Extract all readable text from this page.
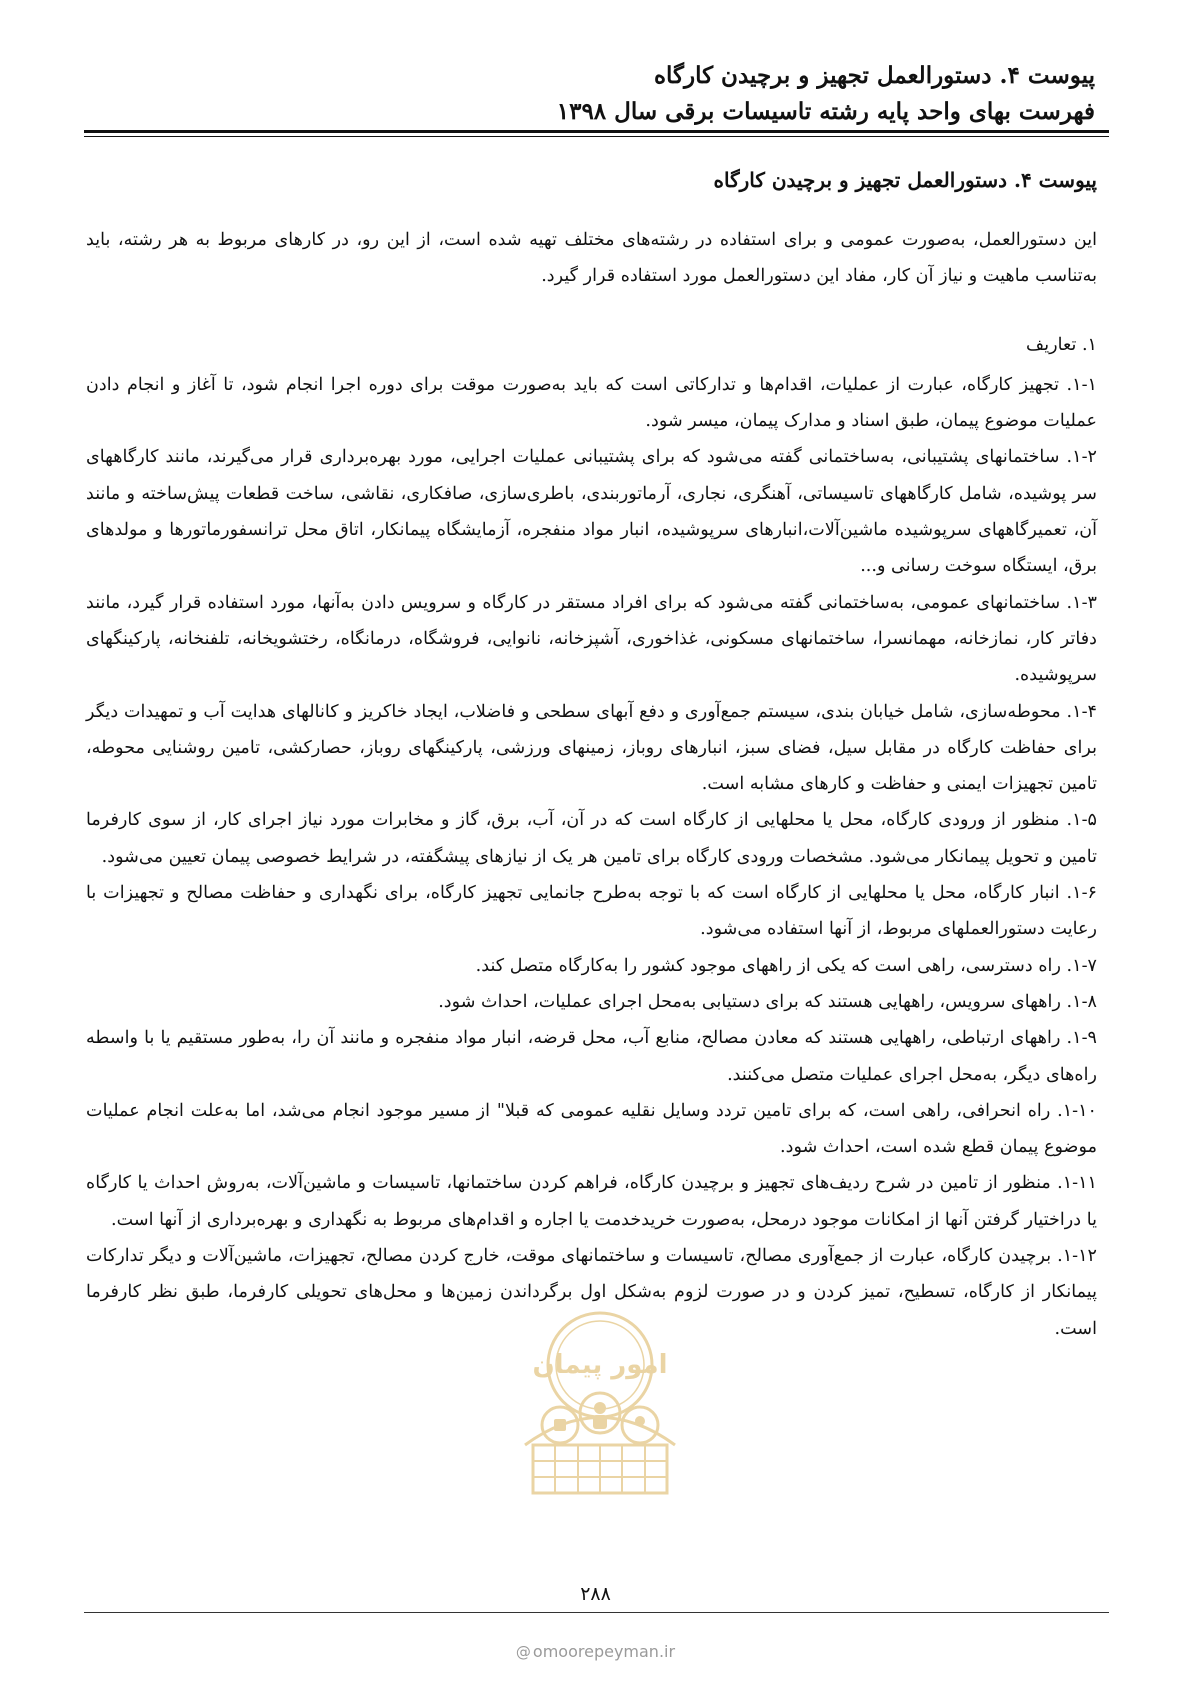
پیوست ۴. دستورالعمل تجهیز و برچیدن کارگاه
فهرست بهای واحد پایه رشته تاسیسات برقی سال ۱۳۹۸
پیوست ۴. دستورالعمل تجهیز و برچیدن کارگاه

این دستورالعمل، به‌صورت عمومی و برای استفاده در رشته‌های مختلف تهیه شده است، از این رو، در کارهای مربوط به هر رشته، باید به‌تناسب ماهیت و نیاز آن کار، مفاد این دستورالعمل مورد استفاده قرار گیرد.

۱. تعاریف

۱-۱. تجهیز کارگاه، عبارت از عملیات، اقدام‌ها و تدارکاتی است که باید به‌صورت موقت برای دوره اجرا انجام شود، تا آغاز و انجام دادن عملیات موضوع پیمان، طبق اسناد و مدارک پیمان، میسر شود.

۱-۲. ساختمانهای پشتیبانی، به‌ساختمانی گفته می‌شود که برای پشتیبانی عملیات اجرایی، مورد بهره‌برداری قرار می‌گیرند، مانند کارگاههای سر پوشیده، شامل کارگاههای تاسیساتی، آهنگری، نجاری، آرماتوربندی، باطری‌سازی، صافکاری، نقاشی، ساخت قطعات پیش‌ساخته و مانند آن، تعمیرگاههای سرپوشیده ماشین‌آلات،انبارهای سرپوشیده، انبار مواد منفجره، آزمایشگاه پیمانکار، اتاق محل ترانسفورماتورها و مولدهای برق، ایستگاه سوخت رسانی و...

۱-۳. ساختمانهای عمومی، به‌ساختمانی گفته می‌شود که برای افراد مستقر در کارگاه و سرویس دادن به‌آنها، مورد استفاده قرار گیرد، مانند دفاتر کار، نمازخانه، مهمانسرا، ساختمانهای مسکونی، غذاخوری، آشپزخانه، نانوایی، فروشگاه، درمانگاه، رختشویخانه، تلفنخانه، پارکینگهای سرپوشیده.

۱-۴. محوطه‌سازی، شامل خیابان بندی، سیستم جمع‌آوری و دفع آبهای سطحی و فاضلاب، ایجاد خاکریز و کانالهای هدایت آب و تمهیدات دیگر برای حفاظت کارگاه در مقابل سیل، فضای سبز، انبارهای روباز، زمینهای ورزشی، پارکینگهای روباز، حصارکشی، تامین روشنایی محوطه، تامین تجهیزات ایمنی و حفاظت و کارهای مشابه است.

۱-۵. منظور از ورودی کارگاه، محل یا محلهایی از کارگاه است که در آن، آب، برق، گاز و مخابرات مورد نیاز اجرای کار، از سوی کارفرما تامین و تحویل پیمانکار می‌شود. مشخصات ورودی کارگاه برای تامین هر یک از نیازهای پیشگفته، در شرایط خصوصی پیمان تعیین می‌شود.

۱-۶. انبار کارگاه، محل یا محلهایی از کارگاه است که با توجه به‌طرح جانمایی تجهیز کارگاه، برای نگهداری و حفاظت مصالح و تجهیزات با رعایت دستورالعملهای مربوط، از آنها استفاده می‌شود.

۱-۷. راه دسترسی، راهی است که یکی از راههای موجود کشور را به‌کارگاه متصل کند.

۱-۸. راههای سرویس، راههایی هستند که برای دستیابی به‌محل اجرای عملیات، احداث شود.

۱-۹. راههای ارتباطی، راههایی هستند که معادن مصالح، منابع آب، محل قرضه، انبار مواد منفجره و مانند آن را، به‌طور مستقیم یا با واسطه راه‌های دیگر، به‌محل اجرای عملیات متصل می‌کنند.

۱-۱۰. راه انحرافی، راهی است، که برای تامین تردد وسایل نقلیه عمومی که قبلا" از مسیر موجود انجام می‌شد، اما به‌علت انجام عملیات موضوع پیمان قطع شده است، احداث شود.

۱-۱۱. منظور از تامین در شرح ردیف‌های تجهیز و برچیدن کارگاه، فراهم کردن ساختمانها، تاسیسات و ماشین‌آلات، به‌روش احداث یا کارگاه یا دراختیار گرفتن آنها از امکانات موجود درمحل، به‌صورت خریدخدمت یا اجاره و اقدام‌های مربوط به نگهداری و بهره‌برداری از آنها است.

۱-۱۲. برچیدن کارگاه، عبارت از جمع‌آوری مصالح، تاسیسات و ساختمانهای موقت، خارج کردن مصالح، تجهیزات، ماشین‌آلات و دیگر تدارکات پیمانکار از کارگاه، تسطیح، تمیز کردن و در صورت لزوم به‌شکل اول برگرداندن زمین‌ها و محل‌های تحویلی کارفرما، طبق نظر کارفرما است.

امور پیمان
۲۸۸
@ omoorepeyman.ir
